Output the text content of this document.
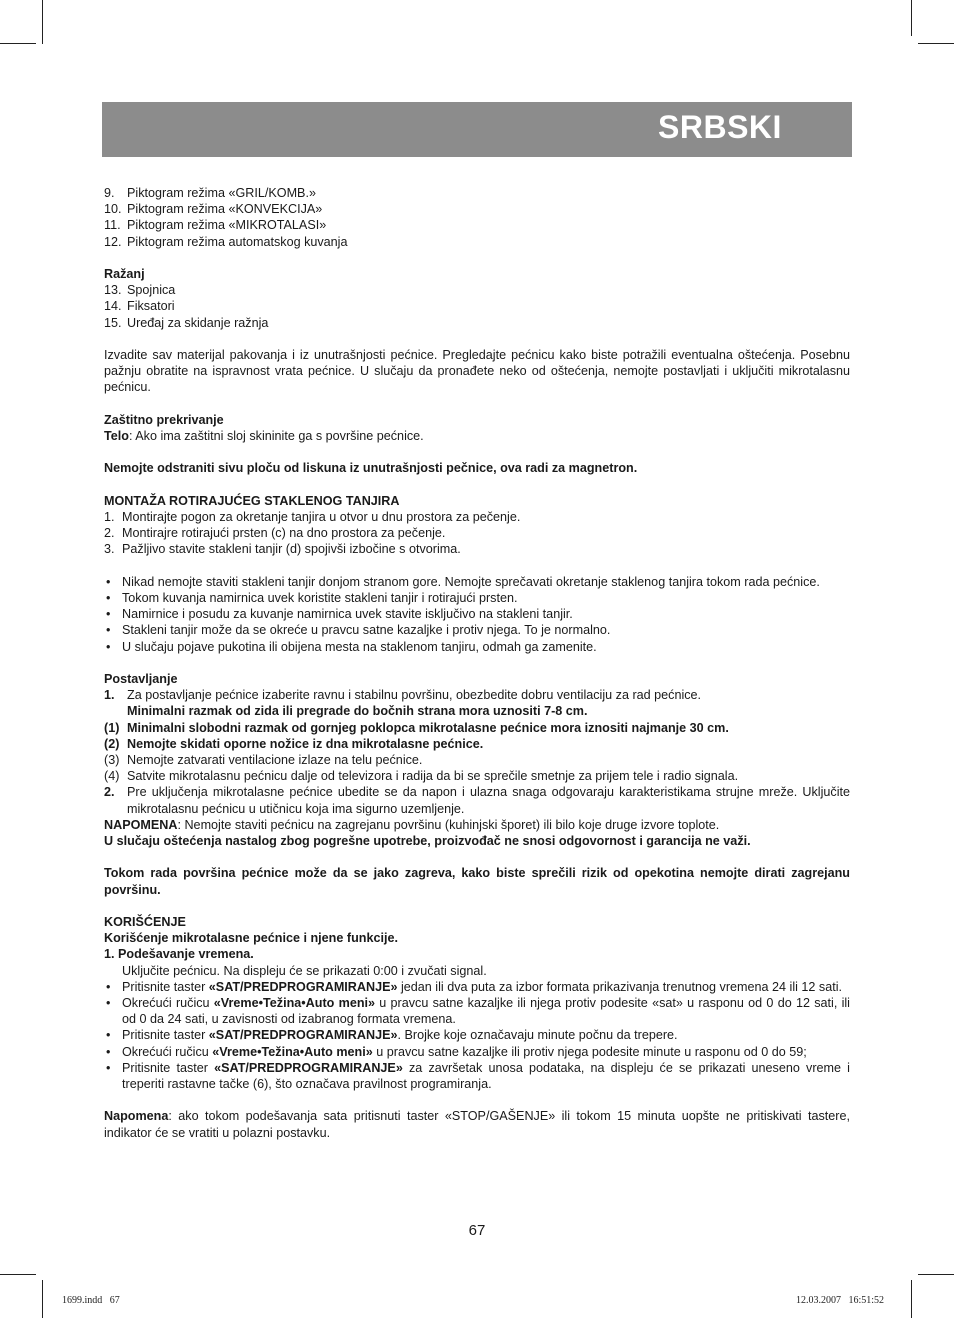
SRBSKI
9. Piktogram režima «GRIL/KOMB.»
10. Piktogram režima «KONVEKCIJA»
11. Piktogram režima «MIKROTALASI»
12. Piktogram režima automatskog kuvanja
Ražanj
13. Spojnica
14. Fiksatori
15. Uređaj za skidanje ražnja
Izvadite sav materijal pakovanja i iz unutrašnjosti pećnice. Pregledajte pećnicu kako biste potražili eventualna oštećenja. Posebnu pažnju obratite na ispravnost vrata pećnice. U slučaju da pronađete neko od oštećenja, nemojte postavljati i uključiti mikrotalasnu pećnicu.
Zaštitno prekrivanje
Telo: Ako ima zaštitni sloj skininite ga s površine pećnice.
Nemojte odstraniti sivu ploču od liskuna iz unutrašnjosti pečnice, ova radi za magnetron.
MONTAŽA ROTIRAJUĆEG STAKLENOG TANJIRA
1. Montirajte pogon za okretanje tanjira u otvor u dnu prostora za pečenje.
2. Montirajre rotirajući prsten (c) na dno prostora za pečenje.
3. Pažljivo stavite stakleni tanjir (d) spojivši izbočine s otvorima.
• Nikad nemojte staviti stakleni tanjir donjom stranom gore. Nemojte sprečavati okretanje staklenog tanjira tokom rada pećnice.
• Tokom kuvanja namirnica uvek koristite stakleni tanjir i rotirajući prsten.
• Namirnice i posudu za kuvanje namirnica uvek stavite isključivo na stakleni tanjir.
• Stakleni tanjir može da se okreće u pravcu satne kazaljke i protiv njega. To je normalno.
• U slučaju pojave pukotina ili obijena mesta na staklenom tanjiru, odmah ga zamenite.
Postavljanje
1. Za postavljanje pećnice izaberite ravnu i stabilnu površinu, obezbedite dobru ventilaciju za rad pećnice.
Minimalni razmak od zida ili pregrade do bočnih strana mora uznositi 7-8 cm.
(1) Minimalni slobodni razmak od gornjeg poklopca mikrotalasne pećnice mora iznositi najmanje 30 cm.
(2) Nemojte skidati oporne nožice iz dna mikrotalasne pećnice.
(3) Nemojte zatvarati ventilacione izlaze na telu pećnice.
(4) Satvite mikrotalasnu pećnicu dalje od televizora i radija da bi se sprečile smetnje za prijem tele i radio signala.
2. Pre uključenja mikrotalasne pećnice ubedite se da napon i ulazna snaga odgovaraju karakteristikama strujne mreže. Uključite mikrotalasnu pećnicu u utičnicu koja ima sigurno uzemljenje.
NAPOMENA: Nemojte staviti pećnicu na zagrejanu površinu (kuhinjski šporet) ili bilo koje druge izvore toplote.
U slučaju oštećenja nastalog zbog pogrešne upotrebe, proizvođač ne snosi odgovornost i garancija ne važi.
Tokom rada površina pećnice može da se jako zagreva, kako biste sprečili rizik od opekotina nemojte dirati zagrejanu površinu.
KORIŠĆENJE
Korišćenje mikrotalasne pećnice i njene funkcije.
1. Podešavanje vremena.
Uključite pećnicu. Na displeju će se prikazati 0:00 i zvučati signal.
• Pritisnite taster «SAT/PREDPROGRAMIRANJE» jedan ili dva puta za izbor formata prikazivanja trenutnog vremena 24 ili 12 sati.
• Okrećući ručicu «Vreme•Težina•Auto meni» u pravcu satne kazaljke ili njega protiv podesite «sat» u rasponu od 0 do 12 sati, ili od 0 da 24 sati, u zavisnosti od izabranog formata vremena.
• Pritisnite taster «SAT/PREDPROGRAMIRANJE». Brojke koje označavaju minute počnu da trepere.
• Okrećući ručicu «Vreme•Težina•Auto meni» u pravcu satne kazaljke ili protiv njega podesite minute u rasponu od 0 do 59;
• Pritisnite taster «SAT/PREDPROGRAMIRANJE» za završetak unosa podataka, na displeju će se prikazati uneseno vreme i treperiti rastavne tačke (6), što označava pravilnost programiranja.
Napomena: ako tokom podešavanja sata pritisnuti taster «STOP/GAŠENJE» ili tokom 15 minuta uopšte ne pritiskivati tastere, indikator će se vratiti u polazni postavku.
67
1699.indd   67	12.03.2007   16:51:52
